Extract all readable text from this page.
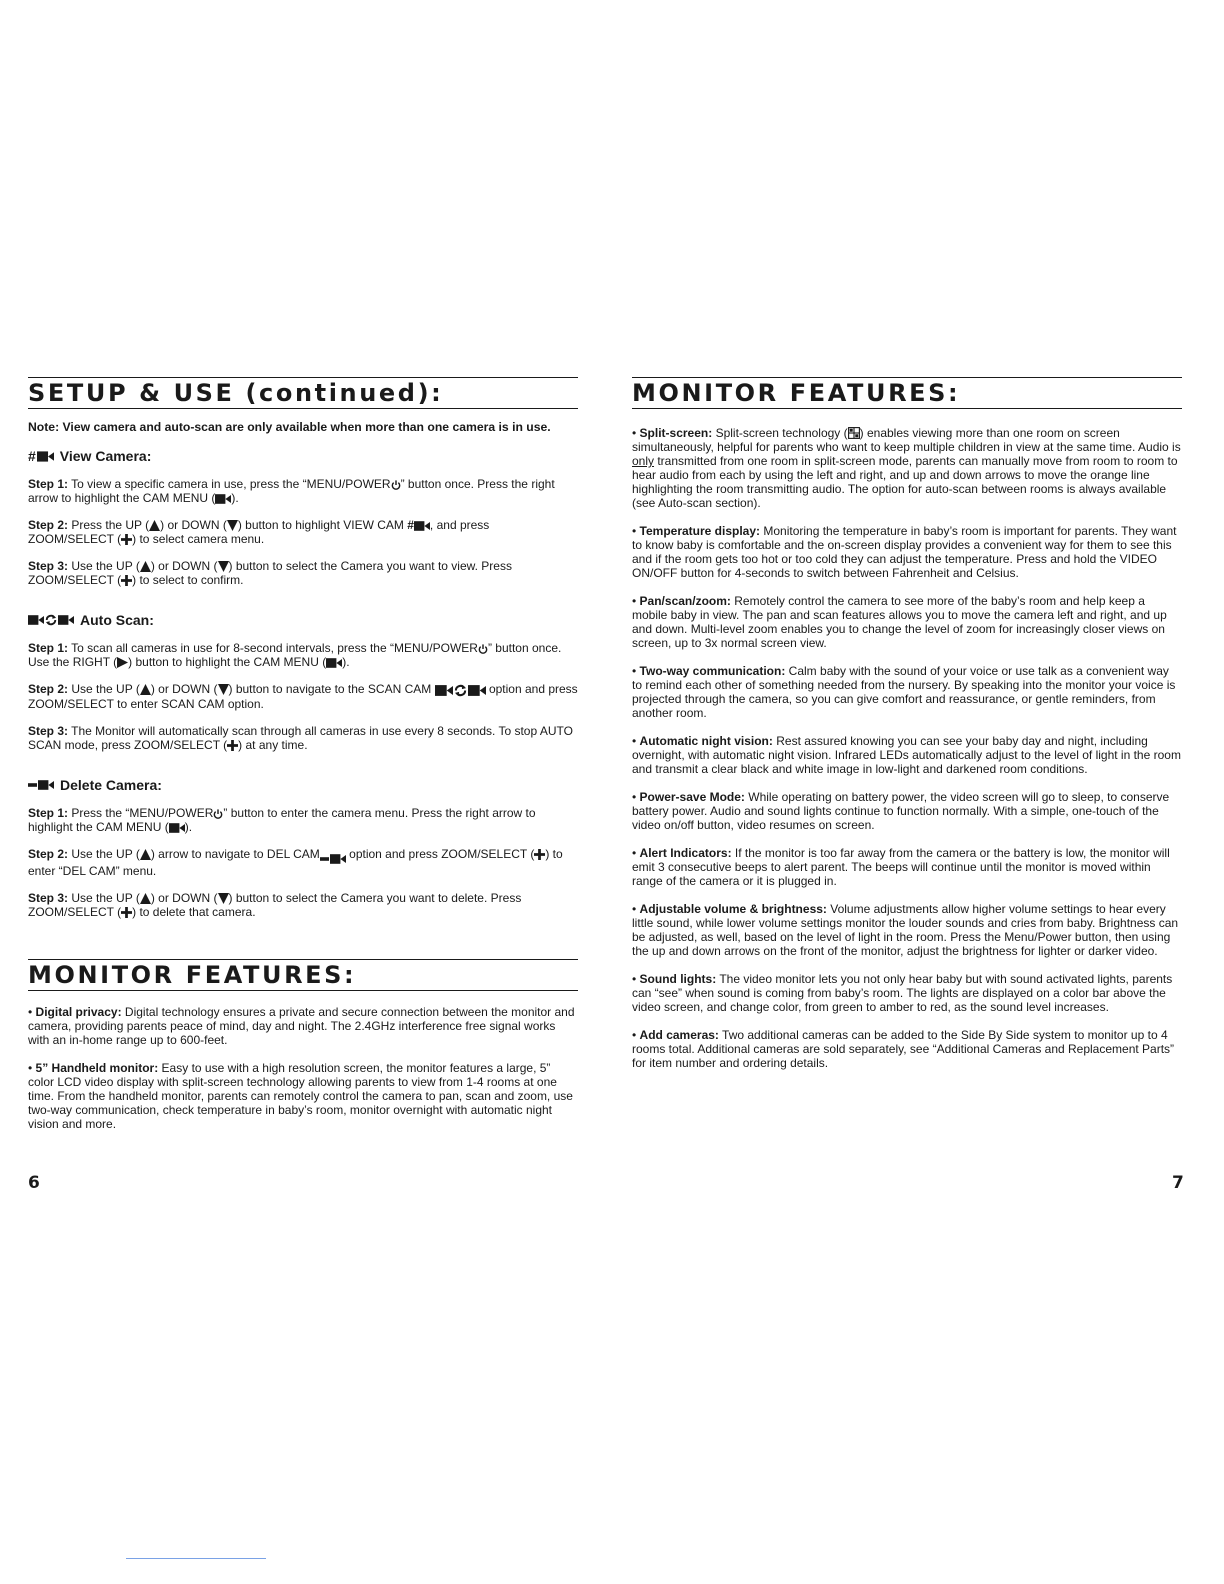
SETUP & USE (continued):

Note: View camera and auto-scan are only available when more than one camera is in use.

# View Camera:

Step 1: To view a specific camera in use, press the “MENU/POWER ” button once. Press the right arrow to highlight the CAM MENU ( ).

Step 2: Press the UP ( ) or DOWN ( ) button to highlight VIEW CAM # , and press ZOOM/SELECT ( ) to select camera menu.

Step 3: Use the UP ( ) or DOWN ( ) button to select the Camera you want to view. Press ZOOM/SELECT ( ) to select to confirm.

Auto Scan:

Step 1: To scan all cameras in use for 8-second intervals, press the “MENU/POWER ” button once. Use the RIGHT ( ) button to highlight the CAM MENU ( ).

Step 2: Use the UP ( ) or DOWN ( ) button to navigate to the SCAN CAM	option and press ZOOM/SELECT to enter SCAN CAM option.

Step 3: The Monitor will automatically scan through all cameras in use every 8 seconds. To stop AUTO SCAN mode, press ZOOM/SELECT ( ) at any time.

Delete Camera:

Step 1: Press the “MENU/POWER ” button to enter the camera menu. Press the right arrow to highlight the CAM MENU ( ).

Step 2: Use the UP ( ) arrow to navigate to DEL CAM
option and press ZOOM/SELECT ( ) to enter “DEL CAM” menu.

Step 3: Use the UP ( ) or DOWN ( ) button to select the Camera you want to delete. Press ZOOM/SELECT ( ) to delete that camera.

MONITOR FEATURES:

• Digital privacy: Digital technology ensures a private and secure connection between the monitor and camera, providing parents peace of mind, day and night. The 2.4GHz interference free signal works with an in-home range up to 600-feet.

• 5” Handheld monitor: Easy to use with a high resolution screen, the monitor features a large, 5” color LCD video display with split-screen technology allowing parents to view from 1-4 rooms at one time. From the handheld monitor, parents can remotely control the camera to pan, scan and zoom, use two-way communication, check temperature in baby’s room, monitor overnight with automatic night vision and more.

MONITOR FEATURES:

• Split-screen: Split-screen technology ( ) enables viewing more than one room on screen simultaneously, helpful for parents who want to keep multiple children in view at the same time. Audio is only transmitted from one room in split-screen mode, parents can manually move from room to room to hear audio from each by using the left and right, and up and down arrows to move the orange line highlighting the room transmitting audio. The option for auto-scan between rooms is always available (see Auto-scan section).

• Temperature display: Monitoring the temperature in baby’s room is important for parents. They want to know baby is comfortable and the on-screen display provides a convenient way for them to see this and if the room gets too hot or too cold they can adjust the temperature. Press and hold the VIDEO ON/OFF button for 4-seconds to switch between Fahrenheit and Celsius.

• Pan/scan/zoom: Remotely control the camera to see more of the baby’s room and help keep a mobile baby in view. The pan and scan features allows you to move the camera left and right, and up and down. Multi-level zoom enables you to change the level of zoom for increasingly closer views on screen, up to 3x normal screen view.

• Two-way communication: Calm baby with the sound of your voice or use talk as a convenient way to remind each other of something needed from the nursery. By speaking into the monitor your voice is projected through the camera, so you can give comfort and reassurance, or gentle reminders, from another room.

• Automatic night vision: Rest assured knowing you can see your baby day and night, including overnight, with automatic night vision. Infrared LEDs automatically adjust to the level of light in the room and transmit a clear black and white image in low-light and darkened room conditions.

• Power-save Mode: While operating on battery power, the video screen will go to sleep, to conserve battery power. Audio and sound lights continue to function normally. With a simple, one-touch of the video on/off button, video resumes on screen.

• Alert Indicators: If the monitor is too far away from the camera or the battery is low, the monitor will emit 3 consecutive beeps to alert parent. The beeps will continue until the monitor is moved within range of the camera or it is plugged in.

• Adjustable volume & brightness: Volume adjustments allow higher volume settings to hear every little sound, while lower volume settings monitor the louder sounds and cries from baby. Brightness can be adjusted, as well, based on the level of light in the room. Press the Menu/Power button, then using the up and down arrows on the front of the monitor, adjust the brightness for lighter or darker video.

• Sound lights: The video monitor lets you not only hear baby but with sound activated lights, parents can “see” when sound is coming from baby’s room. The lights are displayed on a color bar above the video screen, and change color, from green to amber to red, as the sound level increases.

• Add cameras: Two additional cameras can be added to the Side By Side system to monitor up to 4 rooms total. Additional cameras are sold separately, see “Additional Cameras and Replacement Parts” for item number and ordering details.

6	7
